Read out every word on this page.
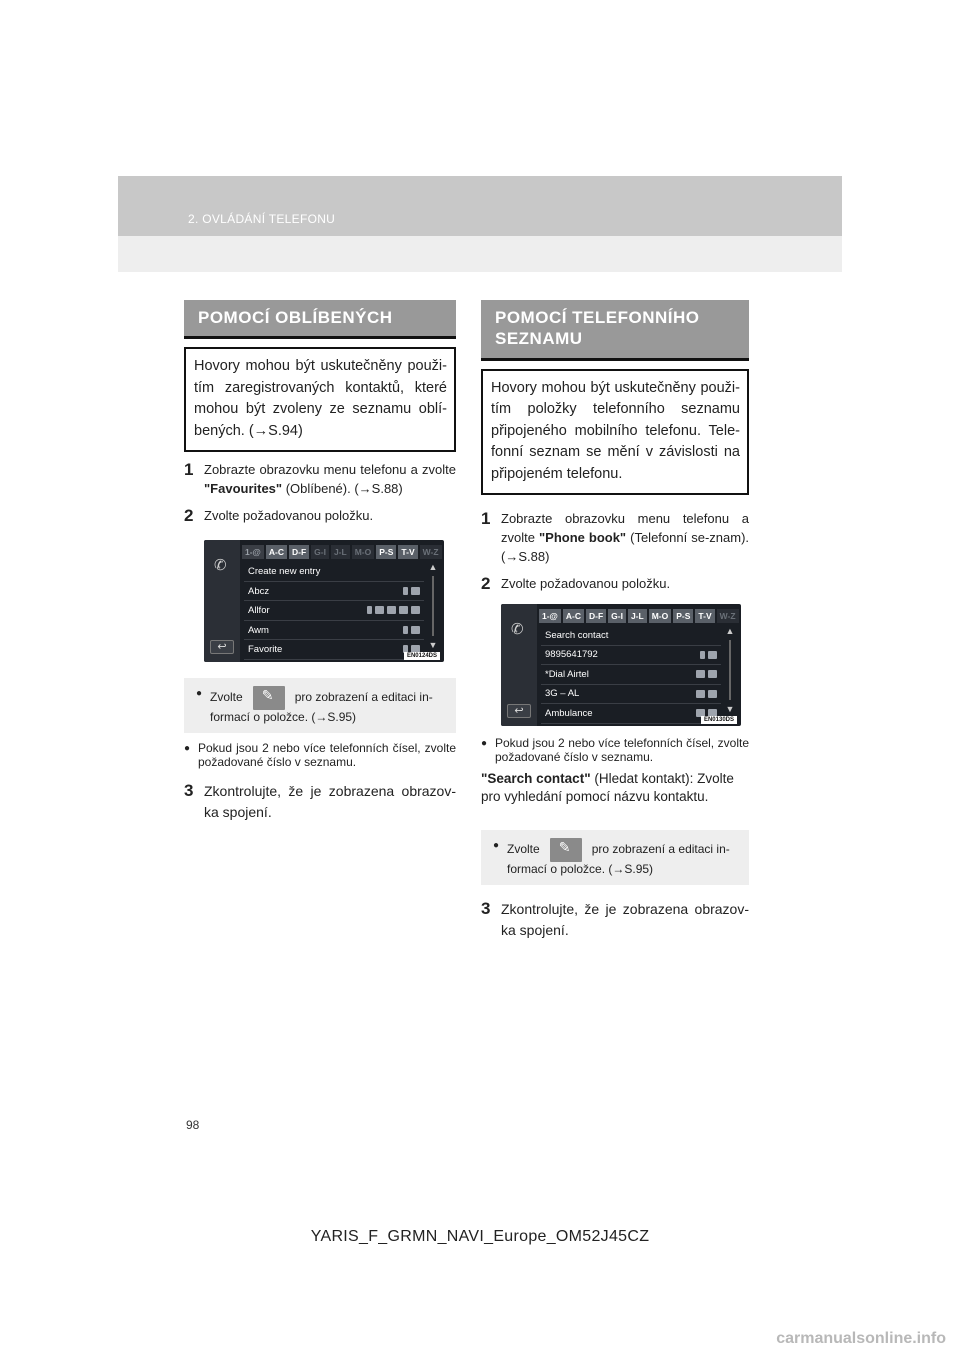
2. OVLÁDÁNÍ TELEFONU
POMOCÍ OBLÍBENÝCH
Hovory mohou být uskutečněny použi-tím zaregistrovaných kontaktů, které mohou být zvoleny ze seznamu oblí-bených. (→S.94)
1 Zobrazte obrazovku menu telefonu a zvolte "Favourites" (Oblíbené). (→S.88)
2 Zvolte požadovanou položku.
✆
↩
1-@ A-C D-F G-I J-L M-O P-S T-V W-Z
Create new entry
Abcz
Allfor
Awm
Favorite
▲
▼
EN0124DS
● Zvolte ✎ pro zobrazení a editaci in-formací o položce. (→S.95)
● Pokud jsou 2 nebo více telefonních čísel, zvolte požadované číslo v seznamu.
3 Zkontrolujte, že je zobrazena obrazov-ka spojení.
POMOCÍ TELEFONNÍHO SEZNAMU
Hovory mohou být uskutečněny použi-tím položky telefonního seznamu připojeného mobilního telefonu. Tele-fonní seznam se mění v závislosti na připojeném telefonu.
1 Zobrazte obrazovku menu telefonu a zvolte "Phone book" (Telefonní se-znam). (→S.88)
2 Zvolte požadovanou položku.
✆
↩
1-@ A-C D-F G-I J-L M-O P-S T-V W-Z
Search contact
9895641792
*Dial Airtel
3G – AL
Ambulance
▲
▼
EN0130DS
● Pokud jsou 2 nebo více telefonních čísel, zvolte požadované číslo v seznamu.
"Search contact" (Hledat kontakt): Zvolte pro vyhledání pomocí názvu kontaktu.
● Zvolte ✎ pro zobrazení a editaci in-formací o položce. (→S.95)
3 Zkontrolujte, že je zobrazena obrazov-ka spojení.
98
YARIS_F_GRMN_NAVI_Europe_OM52J45CZ
carmanualsonline.info
